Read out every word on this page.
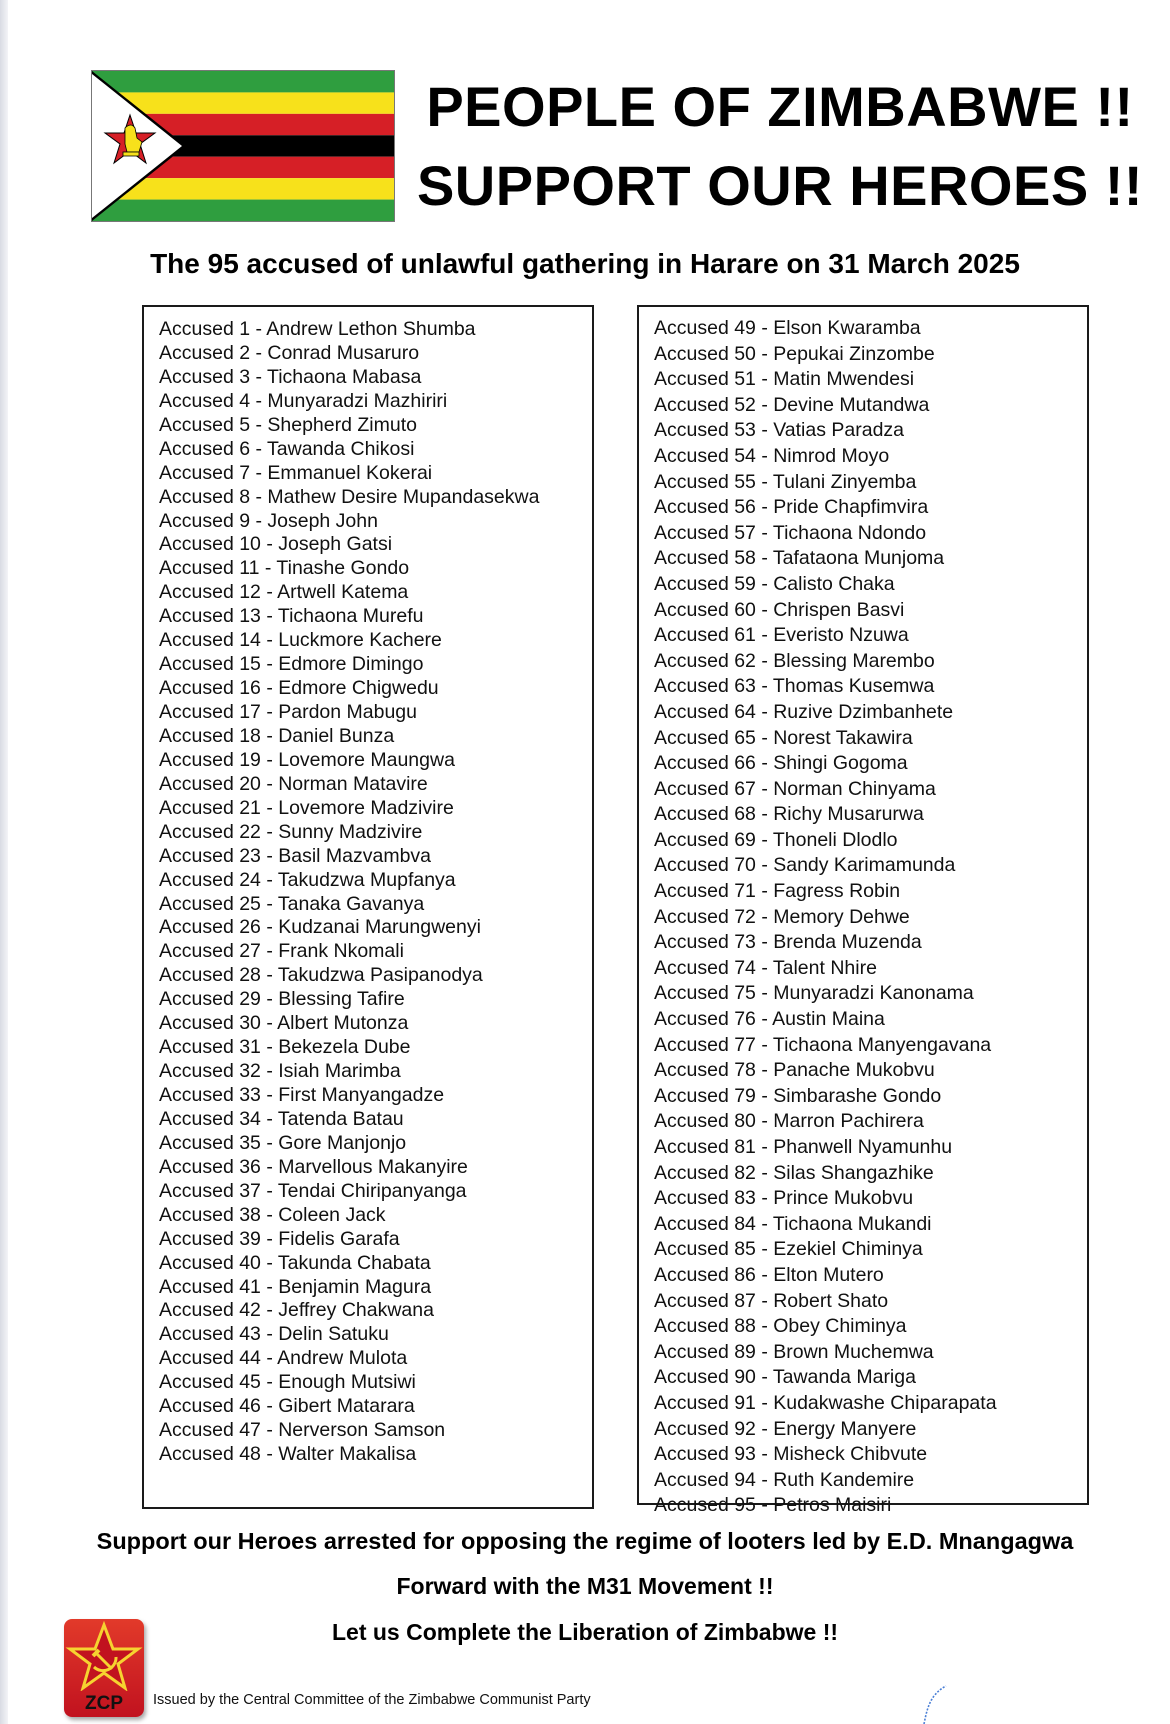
PEOPLE OF ZIMBABWE !!
SUPPORT OUR HEROES !!
The 95 accused of unlawful gathering in Harare on 31 March 2025
Accused 1 - Andrew Lethon Shumba
Accused 2 - Conrad Musaruro
Accused 3 - Tichaona Mabasa
Accused 4 - Munyaradzi Mazhiriri
Accused 5 - Shepherd Zimuto
Accused 6 - Tawanda Chikosi
Accused 7 - Emmanuel Kokerai
Accused 8 - Mathew Desire Mupandasekwa
Accused 9 - Joseph John
Accused 10 - Joseph Gatsi
Accused 11 - Tinashe Gondo
Accused 12 - Artwell Katema
Accused 13 - Tichaona Murefu
Accused 14 - Luckmore Kachere
Accused 15 - Edmore Dimingo
Accused 16 - Edmore Chigwedu
Accused 17 - Pardon Mabugu
Accused 18 - Daniel Bunza
Accused 19 - Lovemore Maungwa
Accused 20 - Norman Matavire
Accused 21 - Lovemore Madzivire
Accused 22 - Sunny Madzivire
Accused 23 - Basil Mazvambva
Accused 24 - Takudzwa Mupfanya
Accused 25 - Tanaka Gavanya
Accused 26 - Kudzanai Marungwenyi
Accused 27 - Frank Nkomali
Accused 28 - Takudzwa Pasipanodya
Accused 29 - Blessing Tafire
Accused 30 - Albert Mutonza
Accused 31 - Bekezela Dube
Accused 32 - Isiah Marimba
Accused 33 - First Manyangadze
Accused 34 - Tatenda Batau
Accused 35 - Gore Manjonjo
Accused 36 - Marvellous Makanyire
Accused 37 - Tendai Chiripanyanga
Accused 38 - Coleen Jack
Accused 39 - Fidelis Garafa
Accused 40 - Takunda Chabata
Accused 41 - Benjamin Magura
Accused 42 - Jeffrey Chakwana
Accused 43 - Delin Satuku
Accused 44 - Andrew Mulota
Accused 45 - Enough Mutsiwi
Accused 46 - Gibert Matarara
Accused 47 - Nerverson Samson
Accused 48 - Walter Makalisa
Accused 49 - Elson Kwaramba
Accused 50 - Pepukai Zinzombe
Accused 51 - Matin Mwendesi
Accused 52 - Devine Mutandwa
Accused 53 - Vatias Paradza
Accused 54 - Nimrod Moyo
Accused 55 - Tulani Zinyemba
Accused 56 - Pride Chapfimvira
Accused 57 - Tichaona Ndondo
Accused 58 - Tafataona Munjoma
Accused 59 - Calisto Chaka
Accused 60 - Chrispen Basvi
Accused 61 - Everisto Nzuwa
Accused 62 - Blessing Marembo
Accused 63 - Thomas Kusemwa
Accused 64 - Ruzive Dzimbanhete
Accused 65 - Norest Takawira
Accused 66 - Shingi Gogoma
Accused 67 - Norman Chinyama
Accused 68 - Richy Musarurwa
Accused 69 - Thoneli Dlodlo
Accused 70 - Sandy Karimamunda
Accused 71 - Fagress Robin
Accused 72 - Memory Dehwe
Accused 73 - Brenda Muzenda
Accused 74 - Talent Nhire
Accused 75 - Munyaradzi Kanonama
Accused 76 - Austin Maina
Accused 77 - Tichaona Manyengavana
Accused 78 - Panache Mukobvu
Accused 79 - Simbarashe Gondo
Accused 80 - Marron Pachirera
Accused 81 - Phanwell Nyamunhu
Accused 82 - Silas Shangazhike
Accused 83 - Prince Mukobvu
Accused 84 - Tichaona Mukandi
Accused 85 - Ezekiel Chiminya
Accused 86 - Elton Mutero
Accused 87 - Robert Shato
Accused 88 - Obey Chiminya
Accused 89 - Brown Muchemwa
Accused 90 - Tawanda Mariga
Accused 91 - Kudakwashe Chiparapata
Accused 92 - Energy Manyere
Accused 93 - Misheck Chibvute
Accused 94 - Ruth Kandemire
Accused 95 - Petros Maisiri
Support our Heroes arrested for opposing the regime of looters led by E.D. Mnangagwa
Forward with the M31 Movement !!
Let us Complete the Liberation of Zimbabwe !!
ZCP	Issued by the Central Committee of the Zimbabwe Communist Party
